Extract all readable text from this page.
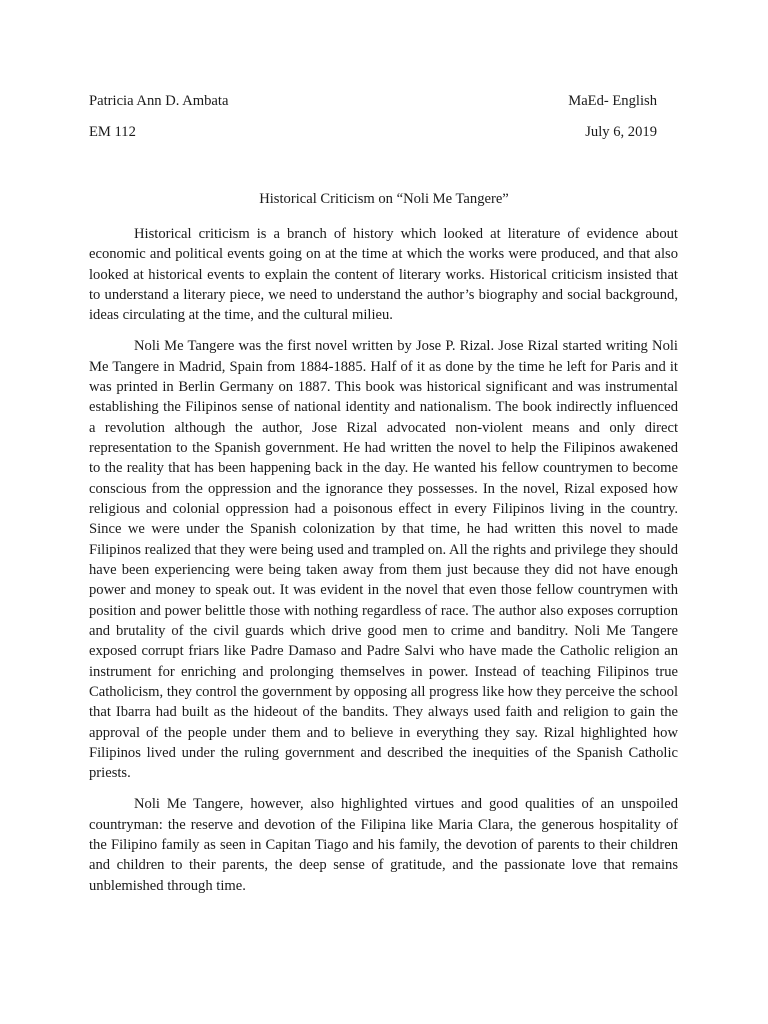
Patricia Ann D. Ambata	MaEd- English
EM 112	July 6, 2019
Historical Criticism on “Noli Me Tangere”

Historical criticism is a branch of history which looked at literature of evidence about economic and political events going on at the time at which the works were produced, and that also looked at historical events to explain the content of literary works. Historical criticism insisted that to understand a literary piece, we need to understand the author’s biography and social background, ideas circulating at the time, and the cultural milieu.

Noli Me Tangere was the first novel written by Jose P. Rizal. Jose Rizal started writing Noli Me Tangere in Madrid, Spain from 1884-1885. Half of it as done by the time he left for Paris and it was printed in Berlin Germany on 1887. This book was historical significant and was instrumental establishing the Filipinos sense of national identity and nationalism. The book indirectly influenced a revolution although the author, Jose Rizal advocated non-violent means and only direct representation to the Spanish government. He had written the novel to help the Filipinos awakened to the reality that has been happening back in the day. He wanted his fellow countrymen to become conscious from the oppression and the ignorance they possesses. In the novel, Rizal exposed how religious and colonial oppression had a poisonous effect in every Filipinos living in the country. Since we were under the Spanish colonization by that time, he had written this novel to made Filipinos realized that they were being used and trampled on. All the rights and privilege they should have been experiencing were being taken away from them just because they did not have enough power and money to speak out. It was evident in the novel that even those fellow countrymen with position and power belittle those with nothing regardless of race. The author also exposes corruption and brutality of the civil guards which drive good men to crime and banditry. Noli Me Tangere exposed corrupt friars like Padre Damaso and Padre Salvi who have made the Catholic religion an instrument for enriching and prolonging themselves in power. Instead of teaching Filipinos true Catholicism, they control the government by opposing all progress like how they perceive the school that Ibarra had built as the hideout of the bandits. They always used faith and religion to gain the approval of the people under them and to believe in everything they say. Rizal highlighted how Filipinos lived under the ruling government and described the inequities of the Spanish Catholic priests.

Noli Me Tangere, however, also highlighted virtues and good qualities of an unspoiled countryman: the reserve and devotion of the Filipina like Maria Clara, the generous hospitality of the Filipino family as seen in Capitan Tiago and his family, the devotion of parents to their children and children to their parents, the deep sense of gratitude, and the passionate love that remains unblemished through time.
